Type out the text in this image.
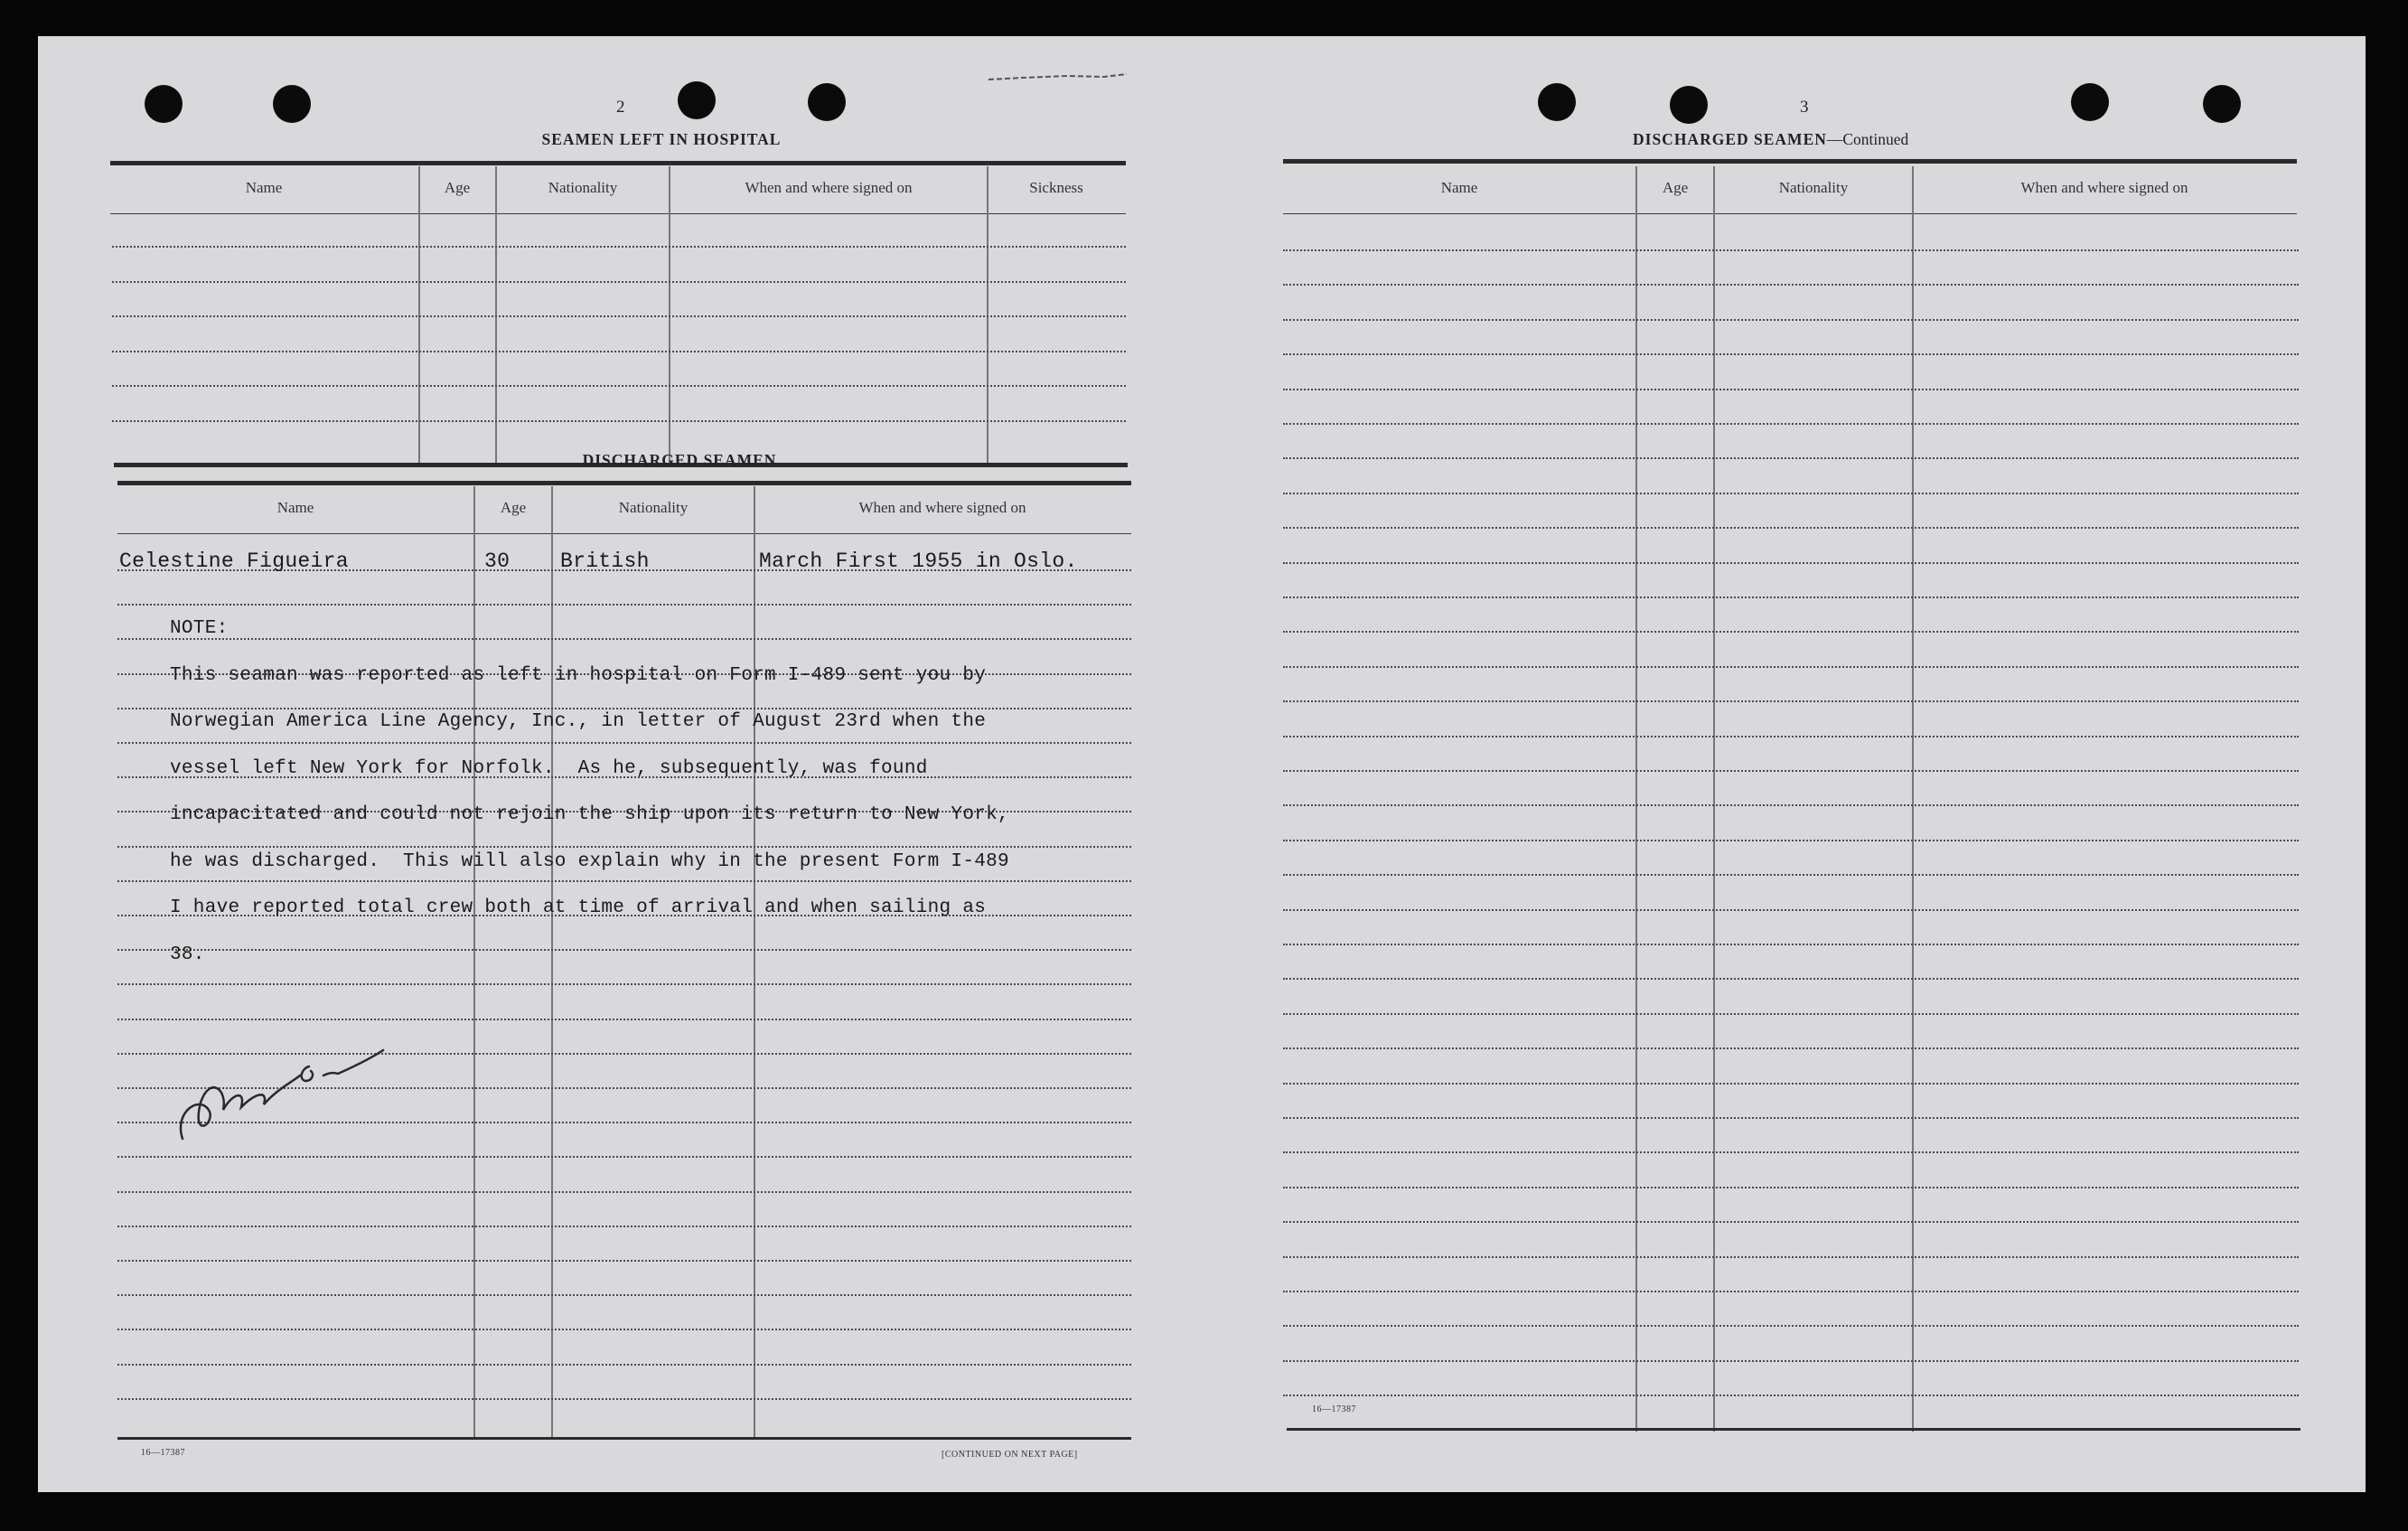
2
SEAMEN LEFT IN HOSPITAL
Name	Age	Nationality	When and where signed on	Sickness
DISCHARGED SEAMEN
Name	Age	Nationality	When and where signed on
Celestine Figueira	30 British	March First 1955 in Oslo.
NOTE:
This seaman was reported as left in hospital on Form I-489 sent you by
Norwegian America Line Agency, Inc., in letter of August 23rd when the
vessel left New York for Norfolk.  As he, subsequently, was found
incapacitated and could not rejoin the ship upon its return to New York,
he was discharged.  This will also explain why in the present Form I-489
I have reported total crew both at time of arrival and when sailing as
38.
16—17387	[CONTINUED ON NEXT PAGE]
3
DISCHARGED SEAMEN—Continued
Name	Age	Nationality	When and where signed on
16—17387
